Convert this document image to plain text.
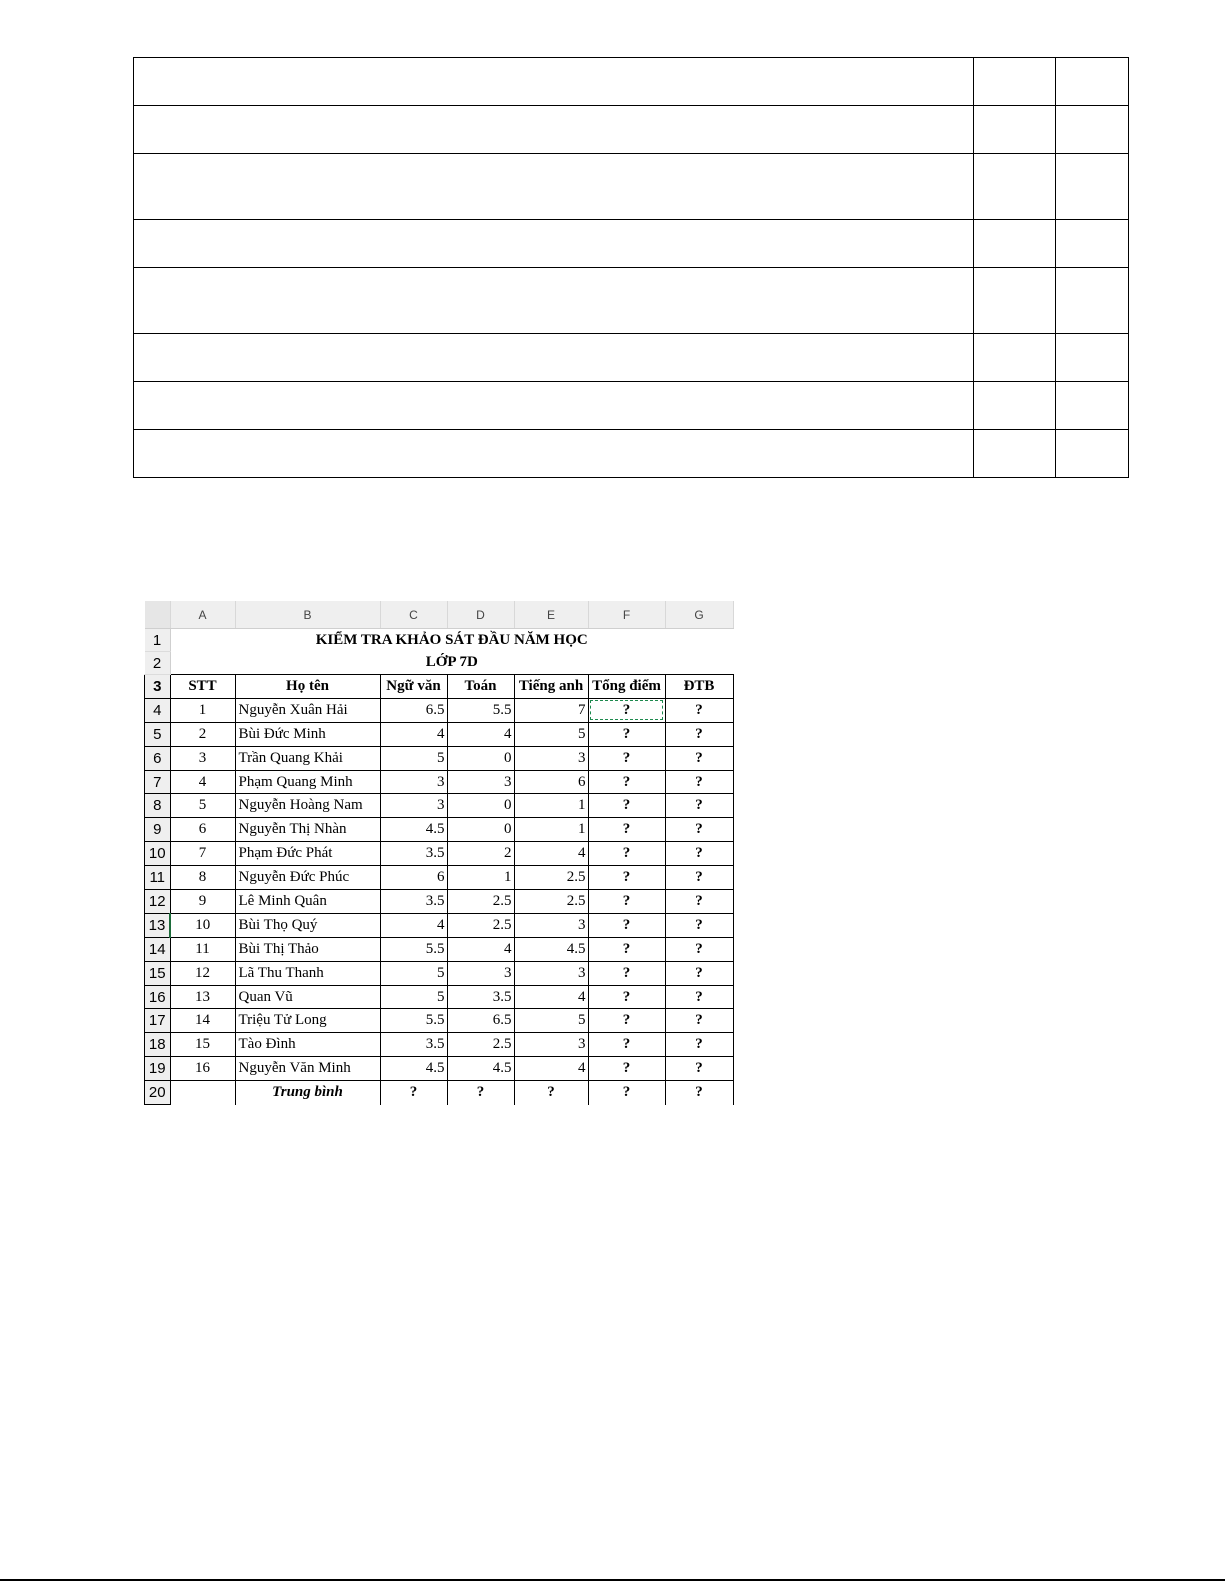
	A	B	C	D	E	F	G
1	KIỂM TRA KHẢO SÁT ĐẦU NĂM HỌC						
2	LỚP 7D						
3	STT	Họ tên	Ngữ văn	Toán	Tiếng anh	Tổng điểm	ĐTB
4	1	Nguyễn Xuân Hải	6.5	5.5	7	?	?
5	2	Bùi Đức Minh	4	4	5	?	?
6	3	Trần Quang Khải	5	0	3	?	?
7	4	Phạm Quang Minh	3	3	6	?	?
8	5	Nguyễn Hoàng Nam	3	0	1	?	?
9	6	Nguyễn Thị Nhàn	4.5	0	1	?	?
10	7	Phạm Đức Phát	3.5	2	4	?	?
11	8	Nguyễn Đức Phúc	6	1	2.5	?	?
12	9	Lê Minh Quân	3.5	2.5	2.5	?	?
13	10	Bùi Thọ Quý	4	2.5	3	?	?
14	11	Bùi Thị Thảo	5.5	4	4.5	?	?
15	12	Lã Thu Thanh	5	3	3	?	?
16	13	Quan Vũ	5	3.5	4	?	?
17	14	Triệu Tử Long	5.5	6.5	5	?	?
18	15	Tào Đình	3.5	2.5	3	?	?
19	16	Nguyễn Văn Minh	4.5	4.5	4	?	?
20		Trung bình	?	?	?	?	?
